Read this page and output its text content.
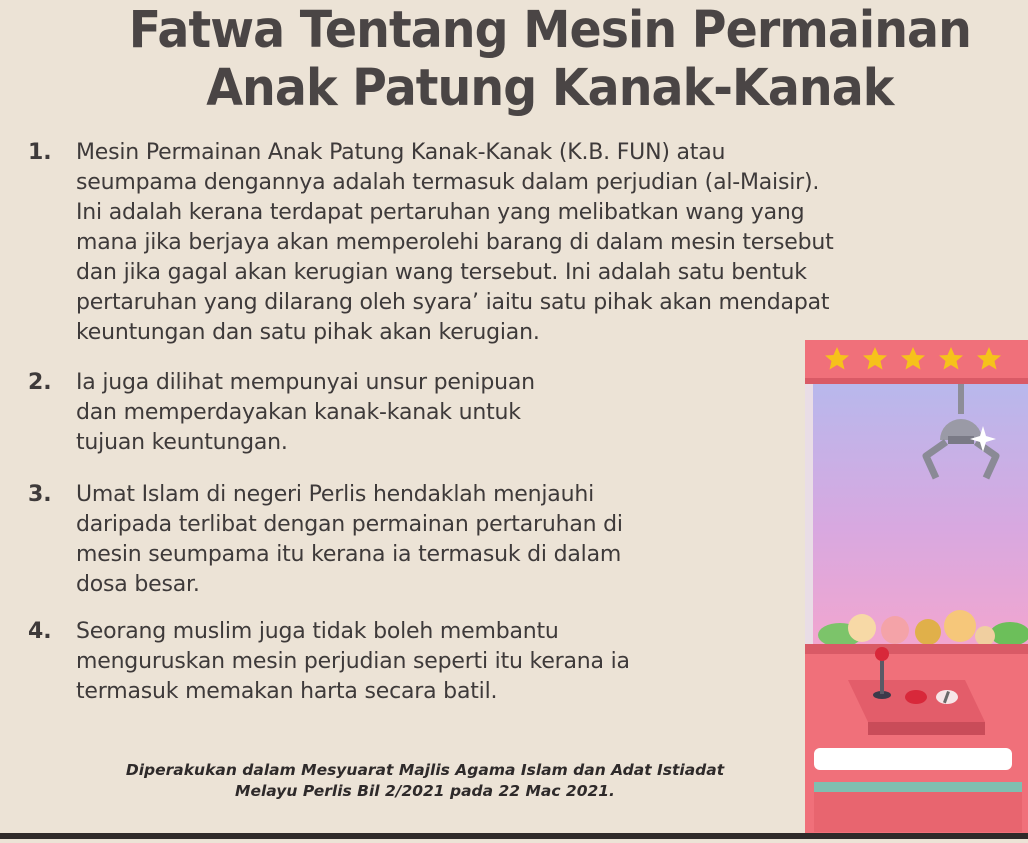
Fatwa Tentang Mesin Permainan
Anak Patung Kanak-Kanak
1. Mesin Permainan Anak Patung Kanak-Kanak (K.B. FUN) atau
seumpama dengannya adalah termasuk dalam perjudian (al-Maisir).
Ini adalah kerana terdapat pertaruhan yang melibatkan wang yang
mana jika berjaya akan memperolehi barang di dalam mesin tersebut
dan jika gagal akan kerugian wang tersebut. Ini adalah satu bentuk
pertaruhan yang dilarang oleh syara’ iaitu satu pihak akan mendapat
keuntungan dan satu pihak akan kerugian.
2. Ia juga dilihat mempunyai unsur penipuan
dan memperdayakan kanak-kanak untuk
tujuan keuntungan.
3. Umat Islam di negeri Perlis hendaklah menjauhi
daripada terlibat dengan permainan pertaruhan di
mesin seumpama itu kerana ia termasuk di dalam
dosa besar.
4. Seorang muslim juga tidak boleh membantu
menguruskan mesin perjudian seperti itu kerana ia
termasuk memakan harta secara batil.
Diperakukan dalam Mesyuarat Majlis Agama Islam dan Adat Istiadat
Melayu Perlis Bil 2/2021 pada 22 Mac 2021.
